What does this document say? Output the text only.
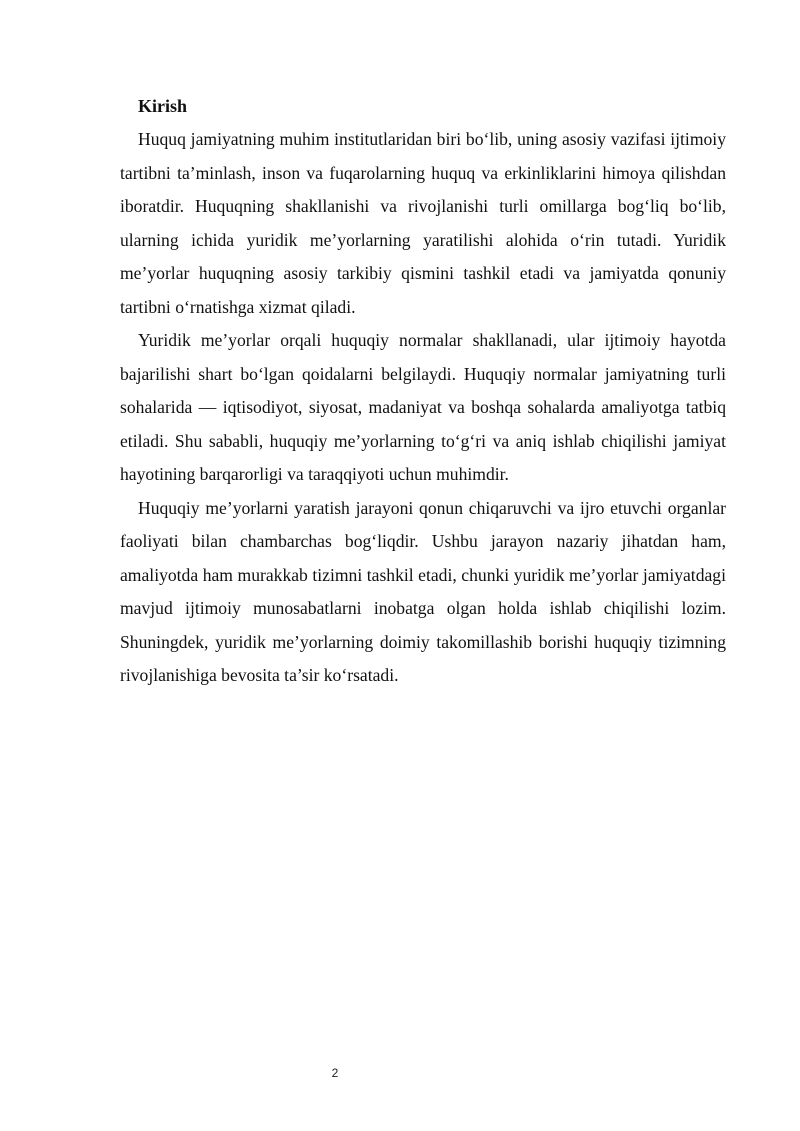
Kirish

Huquq jamiyatning muhim institutlaridan biri bo‘lib, uning asosiy vazifasi ijtimoiy tartibni ta’minlash, inson va fuqarolarning huquq va erkinliklarini himoya qilishdan iboratdir. Huquqning shakllanishi va rivojlanishi turli omillarga bog‘liq bo‘lib, ularning ichida yuridik me’yorlarning yaratilishi alohida o‘rin tutadi. Yuridik me’yorlar huquqning asosiy tarkibiy qismini tashkil etadi va jamiyatda qonuniy tartibni o‘rnatishga xizmat qiladi.

Yuridik me’yorlar orqali huquqiy normalar shakllanadi, ular ijtimoiy hayotda bajarilishi shart bo‘lgan qoidalarni belgilaydi. Huquqiy normalar jamiyatning turli sohalarida — iqtisodiyot, siyosat, madaniyat va boshqa sohalarda amaliyotga tatbiq etiladi. Shu sababli, huquqiy me’yorlarning to‘g‘ri va aniq ishlab chiqilishi jamiyat hayotining barqarorligi va taraqqiyoti uchun muhimdir.

Huquqiy me’yorlarni yaratish jarayoni qonun chiqaruvchi va ijro etuvchi organlar faoliyati bilan chambarchas bog‘liqdir. Ushbu jarayon nazariy jihatdan ham, amaliyotda ham murakkab tizimni tashkil etadi, chunki yuridik me’yorlar jamiyatdagi mavjud ijtimoiy munosabatlarni inobatga olgan holda ishlab chiqilishi lozim. Shuningdek, yuridik me’yorlarning doimiy takomillashib borishi huquqiy tizimning rivojlanishiga bevosita ta’sir ko‘rsatadi.

2
